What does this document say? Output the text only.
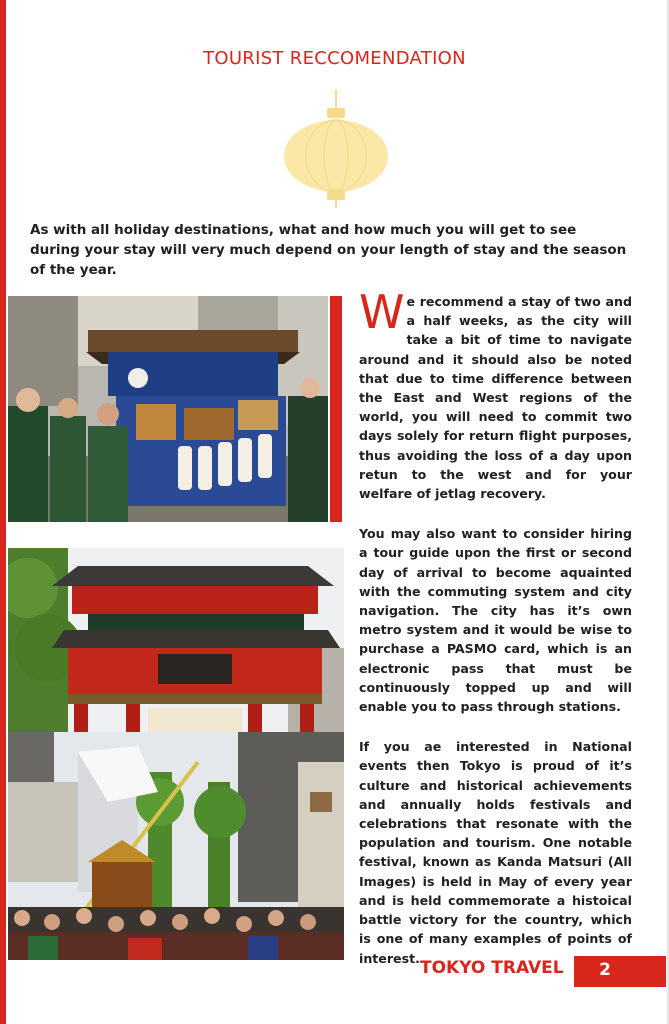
TOURIST RECCOMENDATION

As with all holiday destinations, what and how much you will get to see during your stay will very much depend on your length of stay and the season of the year.

We recommend a stay of two and a half weeks, as the city will take a bit of time to navigate around and it should also be noted that due to time difference between the East and West regions of the world, you will need to commit two days solely for return flight purposes, thus avoiding the loss of a day upon retun to the west and for your welfare of jetlag recovery.

You may also want to consider hiring a tour guide upon the first or second day of arrival to become aquainted with the commuting system and city navigation. The city has it’s own metro system and it would be wise to purchase a PASMO card, which is an electronic pass that must be continuously topped up and will enable you to pass through stations.

If you ae interested in National events then Tokyo is proud of it’s culture and historical achievements and annually holds festivals and celebrations that resonate with the population and tourism. One notable festival, known as Kanda Matsuri (All Images) is held in May of every year and is held commemorate a histoical battle victory for the country, which is one of many examples of points of interest. TOKYO TRAVEL	2
